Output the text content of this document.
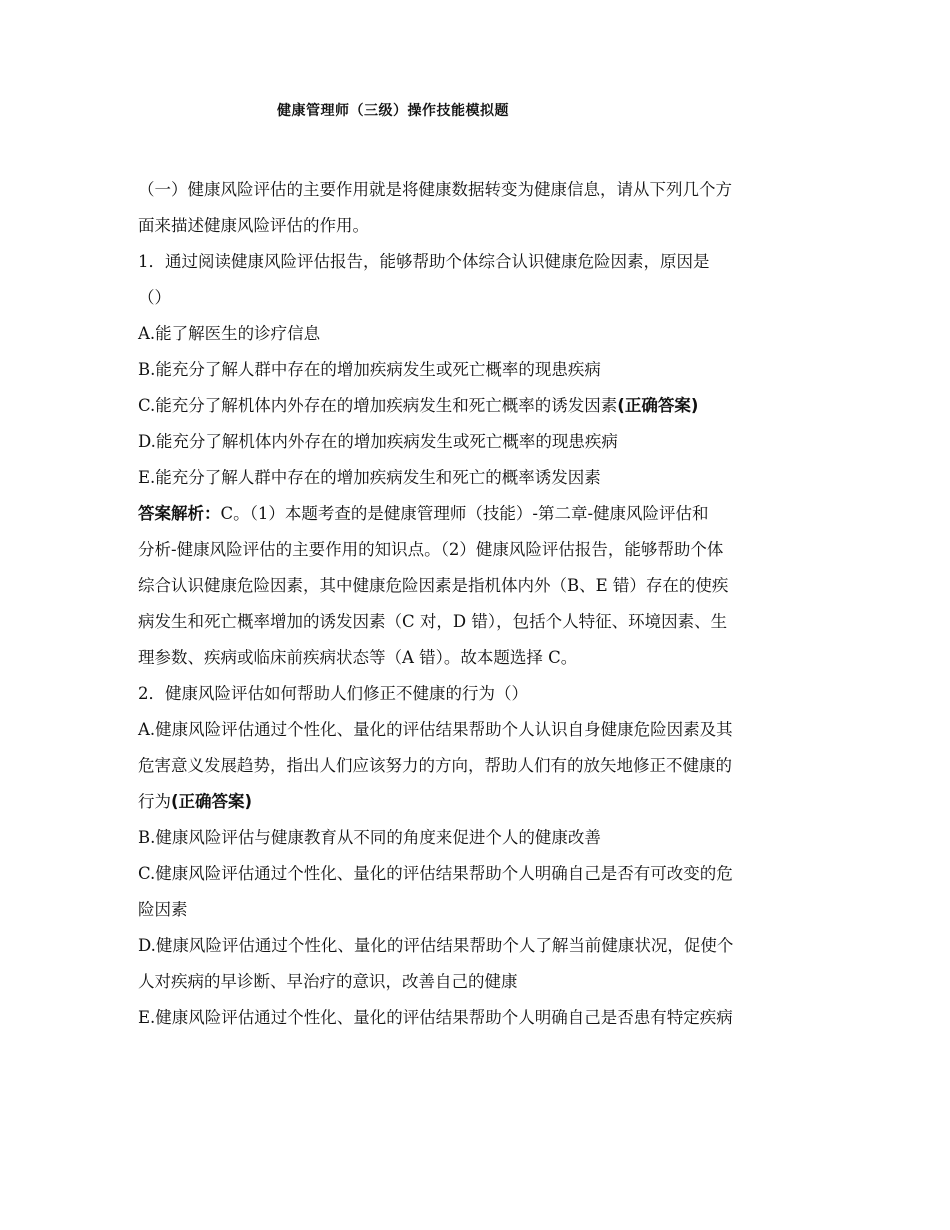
健康管理师（三级）操作技能模拟题
（一）健康风险评估的主要作用就是将健康数据转变为健康信息，请从下列几个方
面来描述健康风险评估的作用。
1．通过阅读健康风险评估报告，能够帮助个体综合认识健康危险因素，原因是
（）
A.能了解医生的诊疗信息
B.能充分了解人群中存在的增加疾病发生或死亡概率的现患疾病
C.能充分了解机体内外存在的增加疾病发生和死亡概率的诱发因素(正确答案)
D.能充分了解机体内外存在的增加疾病发生或死亡概率的现患疾病
E.能充分了解人群中存在的增加疾病发生和死亡的概率诱发因素
答案解析：C。（1）本题考查的是健康管理师（技能）-第二章-健康风险评估和
分析-健康风险评估的主要作用的知识点。（2）健康风险评估报告，能够帮助个体
综合认识健康危险因素，其中健康危险因素是指机体内外（B、E 错）存在的使疾
病发生和死亡概率增加的诱发因素（C 对，D 错），包括个人特征、环境因素、生
理参数、疾病或临床前疾病状态等（A 错）。故本题选择 C。
2．健康风险评估如何帮助人们修正不健康的行为（）
A.健康风险评估通过个性化、量化的评估结果帮助个人认识自身健康危险因素及其
危害意义发展趋势，指出人们应该努力的方向，帮助人们有的放矢地修正不健康的
行为(正确答案)
B.健康风险评估与健康教育从不同的角度来促进个人的健康改善
C.健康风险评估通过个性化、量化的评估结果帮助个人明确自己是否有可改变的危
险因素
D.健康风险评估通过个性化、量化的评估结果帮助个人了解当前健康状况，促使个
人对疾病的早诊断、早治疗的意识，改善自己的健康
E.健康风险评估通过个性化、量化的评估结果帮助个人明确自己是否患有特定疾病
